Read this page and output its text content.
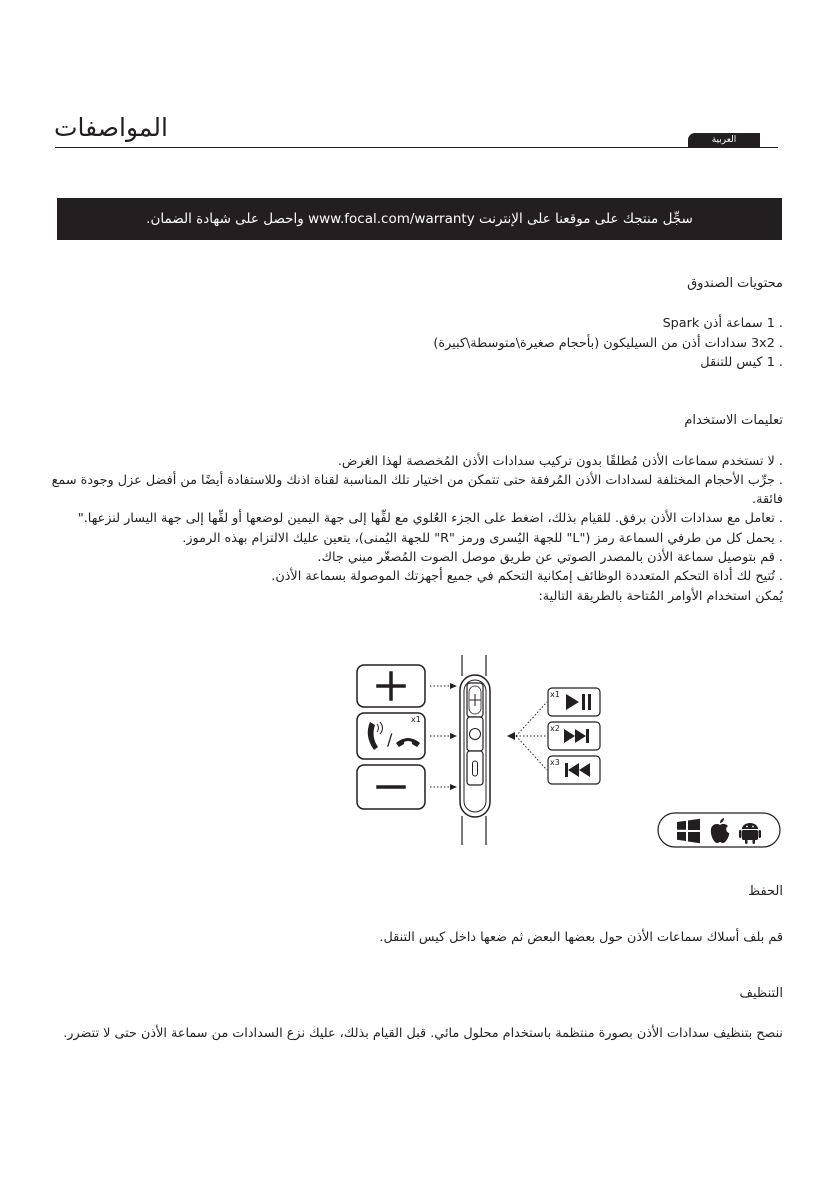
المواصفات	العربية
سجِّل منتجك على موقعنا على الإنترنت www.focal.com/warranty واحصل على شهادة الضمان.
محتويات الصندوق
. 1 سماعة أذن Spark
. 3x2 سدادات أذن من السيليكون (بأحجام صغيرة\متوسطة\كبيرة)
. 1 كيس للتنقل
تعليمات الاستخدام
. لا تستخدم سماعات الأذن مُطلقًا بدون تركيب سدادات الأذن المُخصصة لهذا الغرض.
. جرِّب الأحجام المختلفة لسدادات الأذن المُرفقة حتى تتمكن من اختيار تلك المناسبة لقناة اذنك وللاستفادة أيضًا من أفضل عزل وجودة سمع
فائقة.
. تعامل مع سدادات الأذن برفق. للقيام بذلك، اضغط على الجزء العُلوي مع لفِّها إلى جهة اليمين لوضعها أو لفِّها إلى جهة اليسار لنزعها."
. يحمل كل من طرفي السماعة رمز ("L" للجهة اليُسرى ورمز "R" للجهة اليُمنى)، يتعين عليك الالتزام بهذه الرموز.
. قم بتوصيل سماعة الأذن بالمصدر الصوتي عن طريق موصل الصوت المُصغّر ميني جاك.
. تُتيح لك أداة التحكم المتعددة الوظائف إمكانية التحكم في جميع أجهزتك الموصولة بسماعة الأذن.
يُمكن استخدام الأوامر المُتاحة بالطريقة التالية:
/
x1
x1
x2
x3
الحفظ
قم بلف أسلاك سماعات الأذن حول بعضها البعض ثم ضعها داخل كيس التنقل.
التنظيف
ننصح بتنظيف سدادات الأذن بصورة منتظمة باستخدام محلول مائي. قبل القيام بذلك، عليك نزع السدادات من سماعة الأذن حتى لا تتضرر.
